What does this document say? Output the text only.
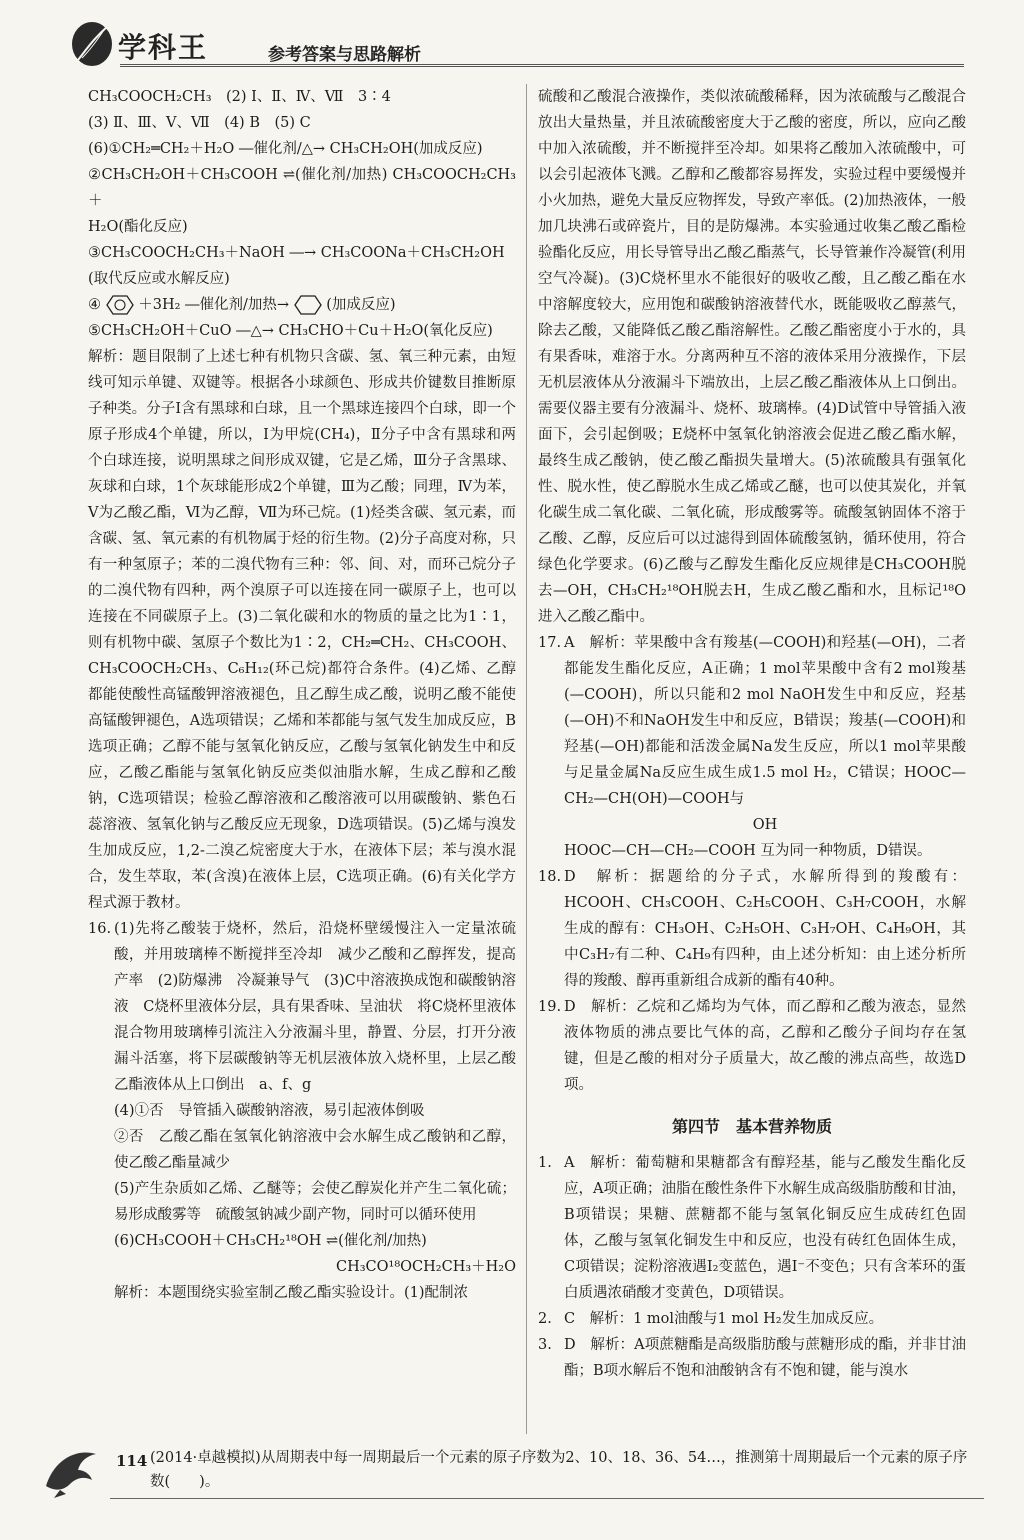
学科王	参考答案与思路解析

CH₃COOCH₂CH₃　(2) Ⅰ、Ⅱ、Ⅳ、Ⅶ　3∶4

(3) Ⅱ、Ⅲ、Ⅴ、Ⅶ　(4) B　(5) C

(6)①CH₂═CH₂＋H₂O ―催化剂/△→ CH₃CH₂OH(加成反应)

②CH₃CH₂OH＋CH₃COOH ⇌(催化剂/加热) CH₃COOCH₂CH₃＋

H₂O(酯化反应)

③CH₃COOCH₂CH₃＋NaOH ―→ CH₃COONa＋CH₃CH₂OH

(取代反应或水解反应)

④	＋3H₂ ―催化剂/加热→	(加成反应)

⑤CH₃CH₂OH＋CuO ―△→ CH₃CHO＋Cu＋H₂O(氧化反应)

解析：题目限制了上述七种有机物只含碳、氢、氧三种元素，由短线可知示单键、双键等。根据各小球颜色、形成共价键数目推断原子种类。分子Ⅰ含有黑球和白球，且一个黑球连接四个白球，即一个原子形成4个单键，所以，Ⅰ为甲烷(CH₄)，Ⅱ分子中含有黑球和两个白球连接，说明黑球之间形成双键，它是乙烯，Ⅲ分子含黑球、灰球和白球，1个灰球能形成2个单键，Ⅲ为乙酸；同理，Ⅳ为苯，Ⅴ为乙酸乙酯，Ⅵ为乙醇，Ⅶ为环己烷。(1)烃类含碳、氢元素，而含碳、氢、氧元素的有机物属于烃的衍生物。(2)分子高度对称，只有一种氢原子；苯的二溴代物有三种：邻、间、对，而环己烷分子的二溴代物有四种，两个溴原子可以连接在同一碳原子上，也可以连接在不同碳原子上。(3)二氧化碳和水的物质的量之比为1∶1，则有机物中碳、氢原子个数比为1∶2，CH₂═CH₂、CH₃COOH、CH₃COOCH₂CH₃、C₆H₁₂(环己烷)都符合条件。(4)乙烯、乙醇都能使酸性高锰酸钾溶液褪色，且乙醇生成乙酸，说明乙酸不能使高锰酸钾褪色，A选项错误；乙烯和苯都能与氢气发生加成反应，B选项正确；乙醇不能与氢氧化钠反应，乙酸与氢氧化钠发生中和反应，乙酸乙酯能与氢氧化钠反应类似油脂水解，生成乙醇和乙酸钠，C选项错误；检验乙醇溶液和乙酸溶液可以用碳酸钠、紫色石蕊溶液、氢氧化钠与乙酸反应无现象，D选项错误。(5)乙烯与溴发生加成反应，1,2-二溴乙烷密度大于水，在液体下层；苯与溴水混合，发生萃取，苯(含溴)在液体上层，C选项正确。(6)有关化学方程式源于教材。

16. (1)先将乙酸装于烧杯，然后，沿烧杯壁缓慢注入一定量浓硫酸，并用玻璃棒不断搅拌至冷却　减少乙酸和乙醇挥发，提高产率　(2)防爆沸　冷凝兼导气　(3)C中溶液换成饱和碳酸钠溶液　C烧杯里液体分层，具有果香味、呈油状　将C烧杯里液体混合物用玻璃棒引流注入分液漏斗里，静置、分层，打开分液漏斗活塞，将下层碳酸钠等无机层液体放入烧杯里，上层乙酸乙酯液体从上口倒出　a、f、g

(4)①否　导管插入碳酸钠溶液，易引起液体倒吸

②否　乙酸乙酯在氢氧化钠溶液中会水解生成乙酸钠和乙醇，使乙酸乙酯量减少

(5)产生杂质如乙烯、乙醚等；会使乙醇炭化并产生二氧化硫；易形成酸雾等　硫酸氢钠减少副产物，同时可以循环使用

(6)CH₃COOH＋CH₃CH₂¹⁸OH ⇌(催化剂/加热)

CH₃CO¹⁸OCH₂CH₃＋H₂O

解析：本题围绕实验室制乙酸乙酯实验设计。(1)配制浓

硫酸和乙酸混合液操作，类似浓硫酸稀释，因为浓硫酸与乙酸混合放出大量热量，并且浓硫酸密度大于乙酸的密度，所以，应向乙酸中加入浓硫酸，并不断搅拌至冷却。如果将乙酸加入浓硫酸中，可以会引起液体飞溅。乙醇和乙酸都容易挥发，实验过程中要缓慢并小火加热，避免大量反应物挥发，导致产率低。(2)加热液体，一般加几块沸石或碎瓷片，目的是防爆沸。本实验通过收集乙酸乙酯检验酯化反应，用长导管导出乙酸乙酯蒸气，长导管兼作冷凝管(利用空气冷凝)。(3)C烧杯里水不能很好的吸收乙酸，且乙酸乙酯在水中溶解度较大，应用饱和碳酸钠溶液替代水，既能吸收乙醇蒸气，除去乙酸，又能降低乙酸乙酯溶解性。乙酸乙酯密度小于水的，具有果香味，难溶于水。分离两种互不溶的液体采用分液操作，下层无机层液体从分液漏斗下端放出，上层乙酸乙酯液体从上口倒出。需要仪器主要有分液漏斗、烧杯、玻璃棒。(4)D试管中导管插入液面下，会引起倒吸；E烧杯中氢氧化钠溶液会促进乙酸乙酯水解，最终生成乙酸钠，使乙酸乙酯损失量增大。(5)浓硫酸具有强氧化性、脱水性，使乙醇脱水生成乙烯或乙醚，也可以使其炭化，并氧化碳生成二氧化碳、二氧化硫，形成酸雾等。硫酸氢钠固体不溶于乙酸、乙醇，反应后可以过滤得到固体硫酸氢钠，循环使用，符合绿色化学要求。(6)乙酸与乙醇发生酯化反应规律是CH₃COOH脱去—OH，CH₃CH₂¹⁸OH脱去H，生成乙酸乙酯和水，且标记¹⁸O进入乙酸乙酯中。

17. A　解析：苹果酸中含有羧基(—COOH)和羟基(—OH)，二者都能发生酯化反应，A正确；1 mol苹果酸中含有2 mol羧基(—COOH)，所以只能和2 mol NaOH发生中和反应，羟基(—OH)不和NaOH发生中和反应，B错误；羧基(—COOH)和羟基(—OH)都能和活泼金属Na发生反应，所以1 mol苹果酸与足量金属Na反应生成生成1.5 mol H₂，C错误；HOOC—CH₂—CH(OH)—COOH与

OH

HOOC—CH—CH₂—COOH 互为同一种物质，D错误。

18. D　解析：据题给的分子式，水解所得到的羧酸有：HCOOH、CH₃COOH、C₂H₅COOH、C₃H₇COOH，水解生成的醇有：CH₃OH、C₂H₅OH、C₃H₇OH、C₄H₉OH，其中C₃H₇有二种、C₄H₉有四种，由上述分析知：由上述分析所得的羧酸、醇再重新组合成新的酯有40种。

19. D　解析：乙烷和乙烯均为气体，而乙醇和乙酸为液态，显然液体物质的沸点要比气体的高，乙醇和乙酸分子间均存在氢键，但是乙酸的相对分子质量大，故乙酸的沸点高些，故选D项。

第四节　基本营养物质

1. A　解析：葡萄糖和果糖都含有醇羟基，能与乙酸发生酯化反应，A项正确；油脂在酸性条件下水解生成高级脂肪酸和甘油，B项错误；果糖、蔗糖都不能与氢氧化铜反应生成砖红色固体，乙酸与氢氧化铜发生中和反应，也没有砖红色固体生成，C项错误；淀粉溶液遇I₂变蓝色，遇I⁻不变色；只有含苯环的蛋白质遇浓硝酸才变黄色，D项错误。

2. C　解析：1 mol油酸与1 mol H₂发生加成反应。

3. D　解析：A项蔗糖酯是高级脂肪酸与蔗糖形成的酯，并非甘油酯；B项水解后不饱和油酸钠含有不饱和键，能与溴水

114 (2014·卓越模拟)从周期表中每一周期最后一个元素的原子序数为2、10、18、36、54…，推测第十周期最后一个元素的原子序数(　　)。
